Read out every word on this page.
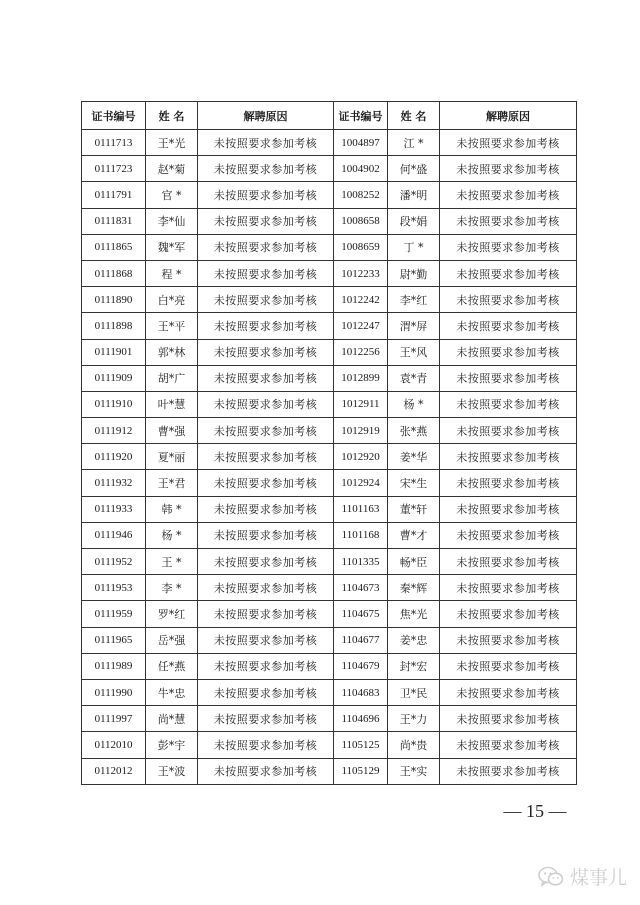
证书编号	姓 名	解聘原因	证书编号	姓 名	解聘原因
0111713	王*光	未按照要求参加考核	1004897	江 *	未按照要求参加考核
0111723	赵*菊	未按照要求参加考核	1004902	何*盛	未按照要求参加考核
0111791	官 *	未按照要求参加考核	1008252	潘*明	未按照要求参加考核
0111831	李*仙	未按照要求参加考核	1008658	段*娟	未按照要求参加考核
0111865	魏*军	未按照要求参加考核	1008659	丁 *	未按照要求参加考核
0111868	程 *	未按照要求参加考核	1012233	尉*勤	未按照要求参加考核
0111890	白*亮	未按照要求参加考核	1012242	李*红	未按照要求参加考核
0111898	王*平	未按照要求参加考核	1012247	渭*屏	未按照要求参加考核
0111901	郭*林	未按照要求参加考核	1012256	王*风	未按照要求参加考核
0111909	胡*广	未按照要求参加考核	1012899	袁*青	未按照要求参加考核
0111910	叶*慧	未按照要求参加考核	1012911	杨 *	未按照要求参加考核
0111912	曹*强	未按照要求参加考核	1012919	张*燕	未按照要求参加考核
0111920	夏*丽	未按照要求参加考核	1012920	姜*华	未按照要求参加考核
0111932	王*君	未按照要求参加考核	1012924	宋*生	未按照要求参加考核
0111933	韩 *	未按照要求参加考核	1101163	董*轩	未按照要求参加考核
0111946	杨 *	未按照要求参加考核	1101168	曹*才	未按照要求参加考核
0111952	王 *	未按照要求参加考核	1101335	畅*臣	未按照要求参加考核
0111953	李 *	未按照要求参加考核	1104673	秦*辉	未按照要求参加考核
0111959	罗*红	未按照要求参加考核	1104675	焦*光	未按照要求参加考核
0111965	岳*强	未按照要求参加考核	1104677	姜*忠	未按照要求参加考核
0111989	任*燕	未按照要求参加考核	1104679	封*宏	未按照要求参加考核
0111990	牛*忠	未按照要求参加考核	1104683	卫*民	未按照要求参加考核
0111997	尚*慧	未按照要求参加考核	1104696	王*力	未按照要求参加考核
0112010	彭*宇	未按照要求参加考核	1105125	尚*贵	未按照要求参加考核
0112012	王*波	未按照要求参加考核	1105129	王*实	未按照要求参加考核
— 15 —
煤事儿
